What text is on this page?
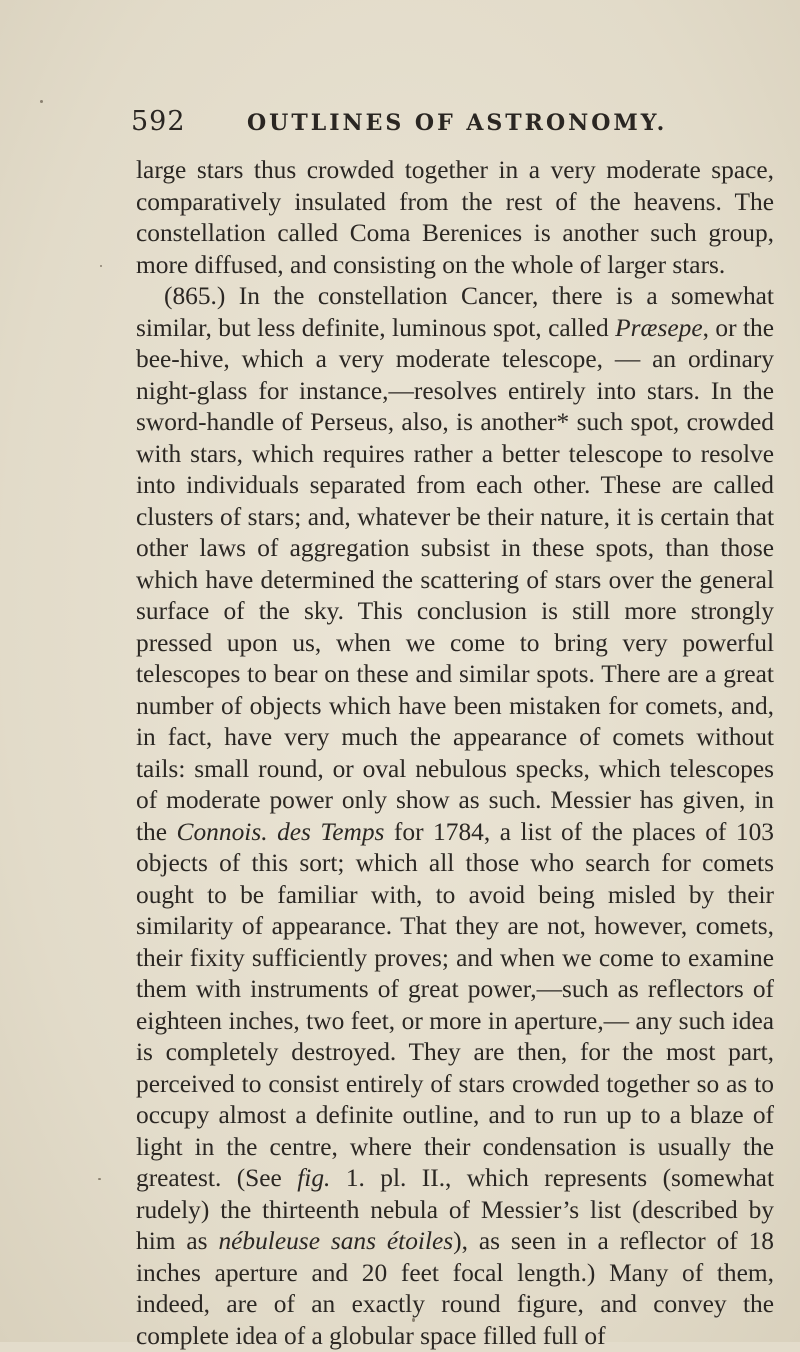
592	OUTLINES OF ASTRONOMY.

large stars thus crowded together in a very moderate space, comparatively insulated from the rest of the heavens. The constellation called Coma Berenices is another such group, more diffused, and consisting on the whole of larger stars.

(865.) In the constellation Cancer, there is a somewhat similar, but less definite, luminous spot, called Præsepe, or the bee-hive, which a very moderate telescope, — an ordinary night-glass for instance,—resolves entirely into stars. In the sword-handle of Perseus, also, is another* such spot, crowded with stars, which requires rather a better telescope to resolve into individuals separated from each other. These are called clusters of stars; and, whatever be their nature, it is certain that other laws of aggregation subsist in these spots, than those which have determined the scattering of stars over the general surface of the sky. This conclusion is still more strongly pressed upon us, when we come to bring very powerful telescopes to bear on these and similar spots. There are a great number of objects which have been mistaken for comets, and, in fact, have very much the appearance of comets without tails: small round, or oval nebulous specks, which telescopes of moderate power only show as such. Messier has given, in the Connois. des Temps for 1784, a list of the places of 103 objects of this sort; which all those who search for comets ought to be familiar with, to avoid being misled by their similarity of appearance. That they are not, however, comets, their fixity sufficiently proves; and when we come to examine them with instruments of great power,—such as reflectors of eighteen inches, two feet, or more in aperture,— any such idea is completely destroyed. They are then, for the most part, perceived to consist entirely of stars crowded together so as to occupy almost a definite outline, and to run up to a blaze of light in the centre, where their condensation is usually the greatest. (See fig. 1. pl. II., which represents (somewhat rudely) the thirteenth nebula of Messier’s list (described by him as nébuleuse sans étoiles), as seen in a reflector of 18 inches aperture and 20 feet focal length.) Many of them, indeed, are of an exactly round figure, and convey the complete idea of a globular space filled full of
